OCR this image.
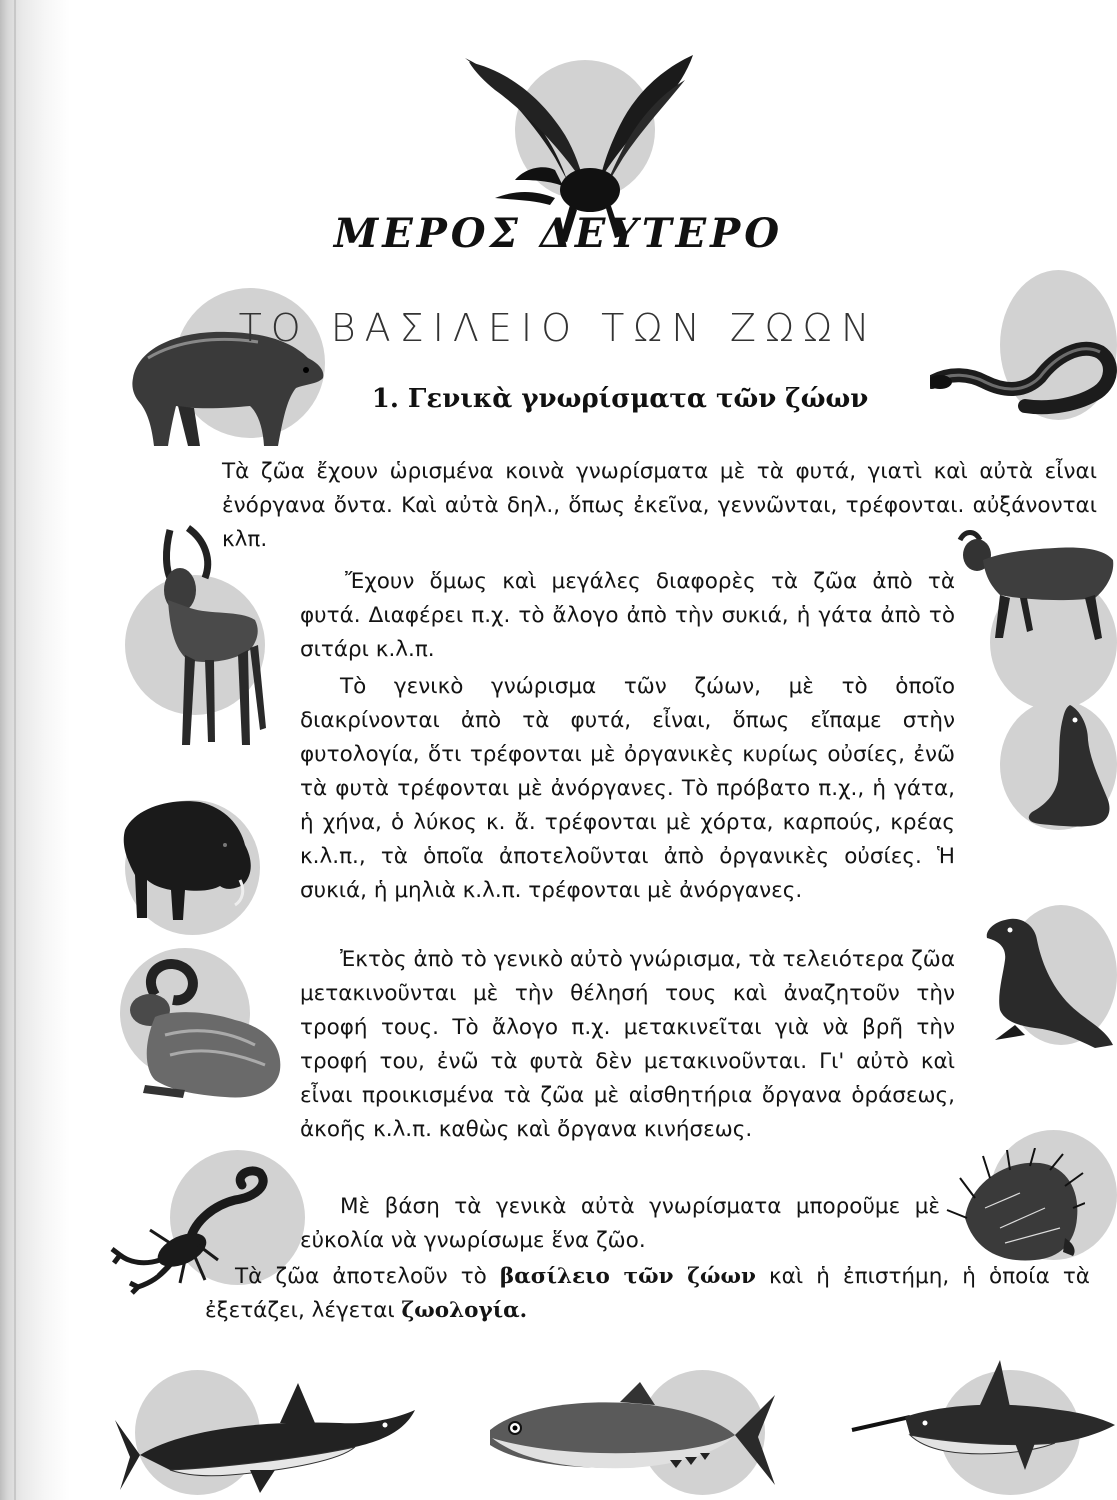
ΜΕΡΟΣ ΔΕΥΤΕΡΟ
ΤΟ ΒΑΣΙΛΕΙΟ ΤΩΝ ΖΩΩΝ
1. Γενικὰ γνωρίσματα τῶν ζώων

Τὰ ζῶα ἔχουν ὡρισμένα κοινὰ γνωρίσματα μὲ τὰ φυτά, γιατὶ καὶ αὐτὰ εἶναι ἐνόργανα ὄντα. Καὶ αὐτὰ δηλ., ὅπως ἐκεῖνα, γεννῶνται, τρέφονται. αὐξάνονται κλπ.

Ἔχουν ὅμως καὶ μεγάλες διαφορὲς τὰ ζῶα ἀπὸ τὰ φυτά. Διαφέρει π.χ. τὸ ἄλογο ἀπὸ τὴν συκιά, ἡ γάτα ἀπὸ τὸ σιτάρι κ.λ.π.

Τὸ γενικὸ γνώρισμα τῶν ζώων, μὲ τὸ ὁποῖο διακρίνονται ἀπὸ τὰ φυτά, εἶναι, ὅπως εἴπαμε στὴν φυτολογία, ὅτι τρέφονται μὲ ὀργανικὲς κυρίως οὐσίες, ἐνῶ τὰ φυτὰ τρέφονται μὲ ἀνόργανες. Τὸ πρόβατο π.χ., ἡ γάτα, ἡ χήνα, ὁ λύκος κ. ἄ. τρέφονται μὲ χόρτα, καρπούς, κρέας κ.λ.π., τὰ ὁποῖα ἀποτελοῦνται ἀπὸ ὀργανικὲς οὐσίες. Ἡ συκιά, ἡ μηλιὰ κ.λ.π. τρέφονται μὲ ἀνόργανες.

Ἐκτὸς ἀπὸ τὸ γενικὸ αὐτὸ γνώρισμα, τὰ τελειότερα ζῶα μετακινοῦνται μὲ τὴν θέλησή τους καὶ ἀναζητοῦν τὴν τροφή τους. Τὸ ἄλογο π.χ. μετακινεῖται γιὰ νὰ βρῆ τὴν τροφή του, ἐνῶ τὰ φυτὰ δὲν μετακινοῦνται. Γι' αὐτὸ καὶ εἶναι προικισμένα τὰ ζῶα μὲ αἰσθητήρια ὄργανα ὁράσεως, ἀκοῆς κ.λ.π. καθὼς καὶ ὄργανα κινήσεως.

Μὲ βάση τὰ γενικὰ αὐτὰ γνωρίσματα μποροῦμε μὲ εὐκολία νὰ γνωρίσωμε ἕνα ζῶο.

Τὰ ζῶα ἀποτελοῦν τὸ βασίλειο τῶν ζώων καὶ ἡ ἐπιστήμη, ἡ ὁποία τὰ ἐξετάζει, λέγεται ζωολογία.
